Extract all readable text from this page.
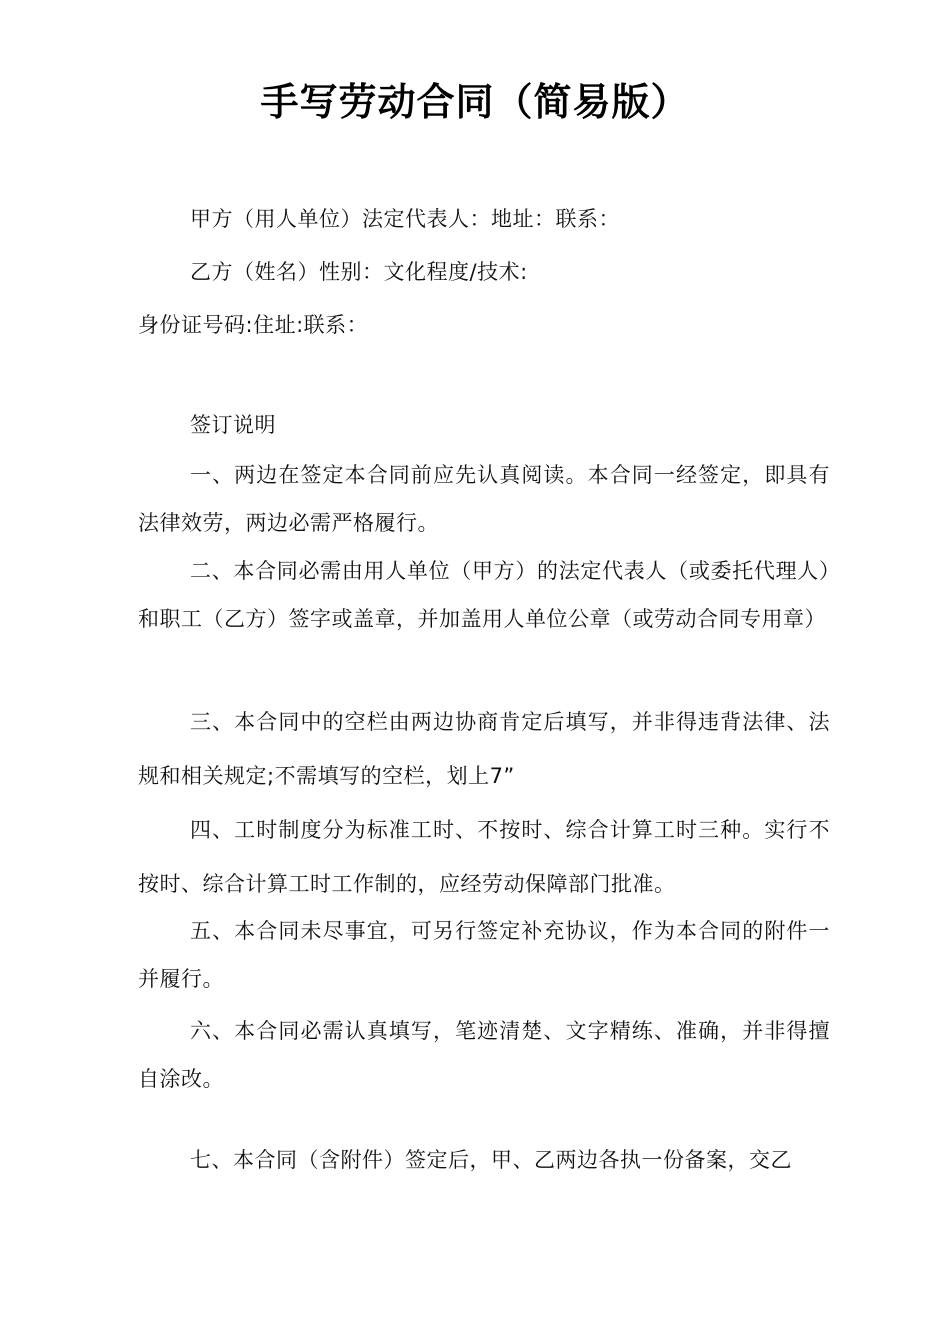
手写劳动合同（简易版）

甲方（用人单位）法定代表人：地址：联系：

乙方（姓名）性别：文化程度/技术:

身份证号码:住址:联系：

签订说明

一、两边在签定本合同前应先认真阅读。本合同一经签定，即具有法律效劳，两边必需严格履行。

二、本合同必需由用人单位（甲方）的法定代表人（或委托代理人）和职工（乙方）签字或盖章，并加盖用人单位公章（或劳动合同专用章）

三、本合同中的空栏由两边协商肯定后填写，并非得违背法律、法规和相关规定;不需填写的空栏，划上7”

四、工时制度分为标准工时、不按时、综合计算工时三种。实行不按时、综合计算工时工作制的，应经劳动保障部门批准。

五、本合同未尽事宜，可另行签定补充协议，作为本合同的附件一并履行。

六、本合同必需认真填写，笔迹清楚、文字精练、准确，并非得擅自涂改。

七、本合同（含附件）签定后，甲、乙两边各执一份备案，交乙
